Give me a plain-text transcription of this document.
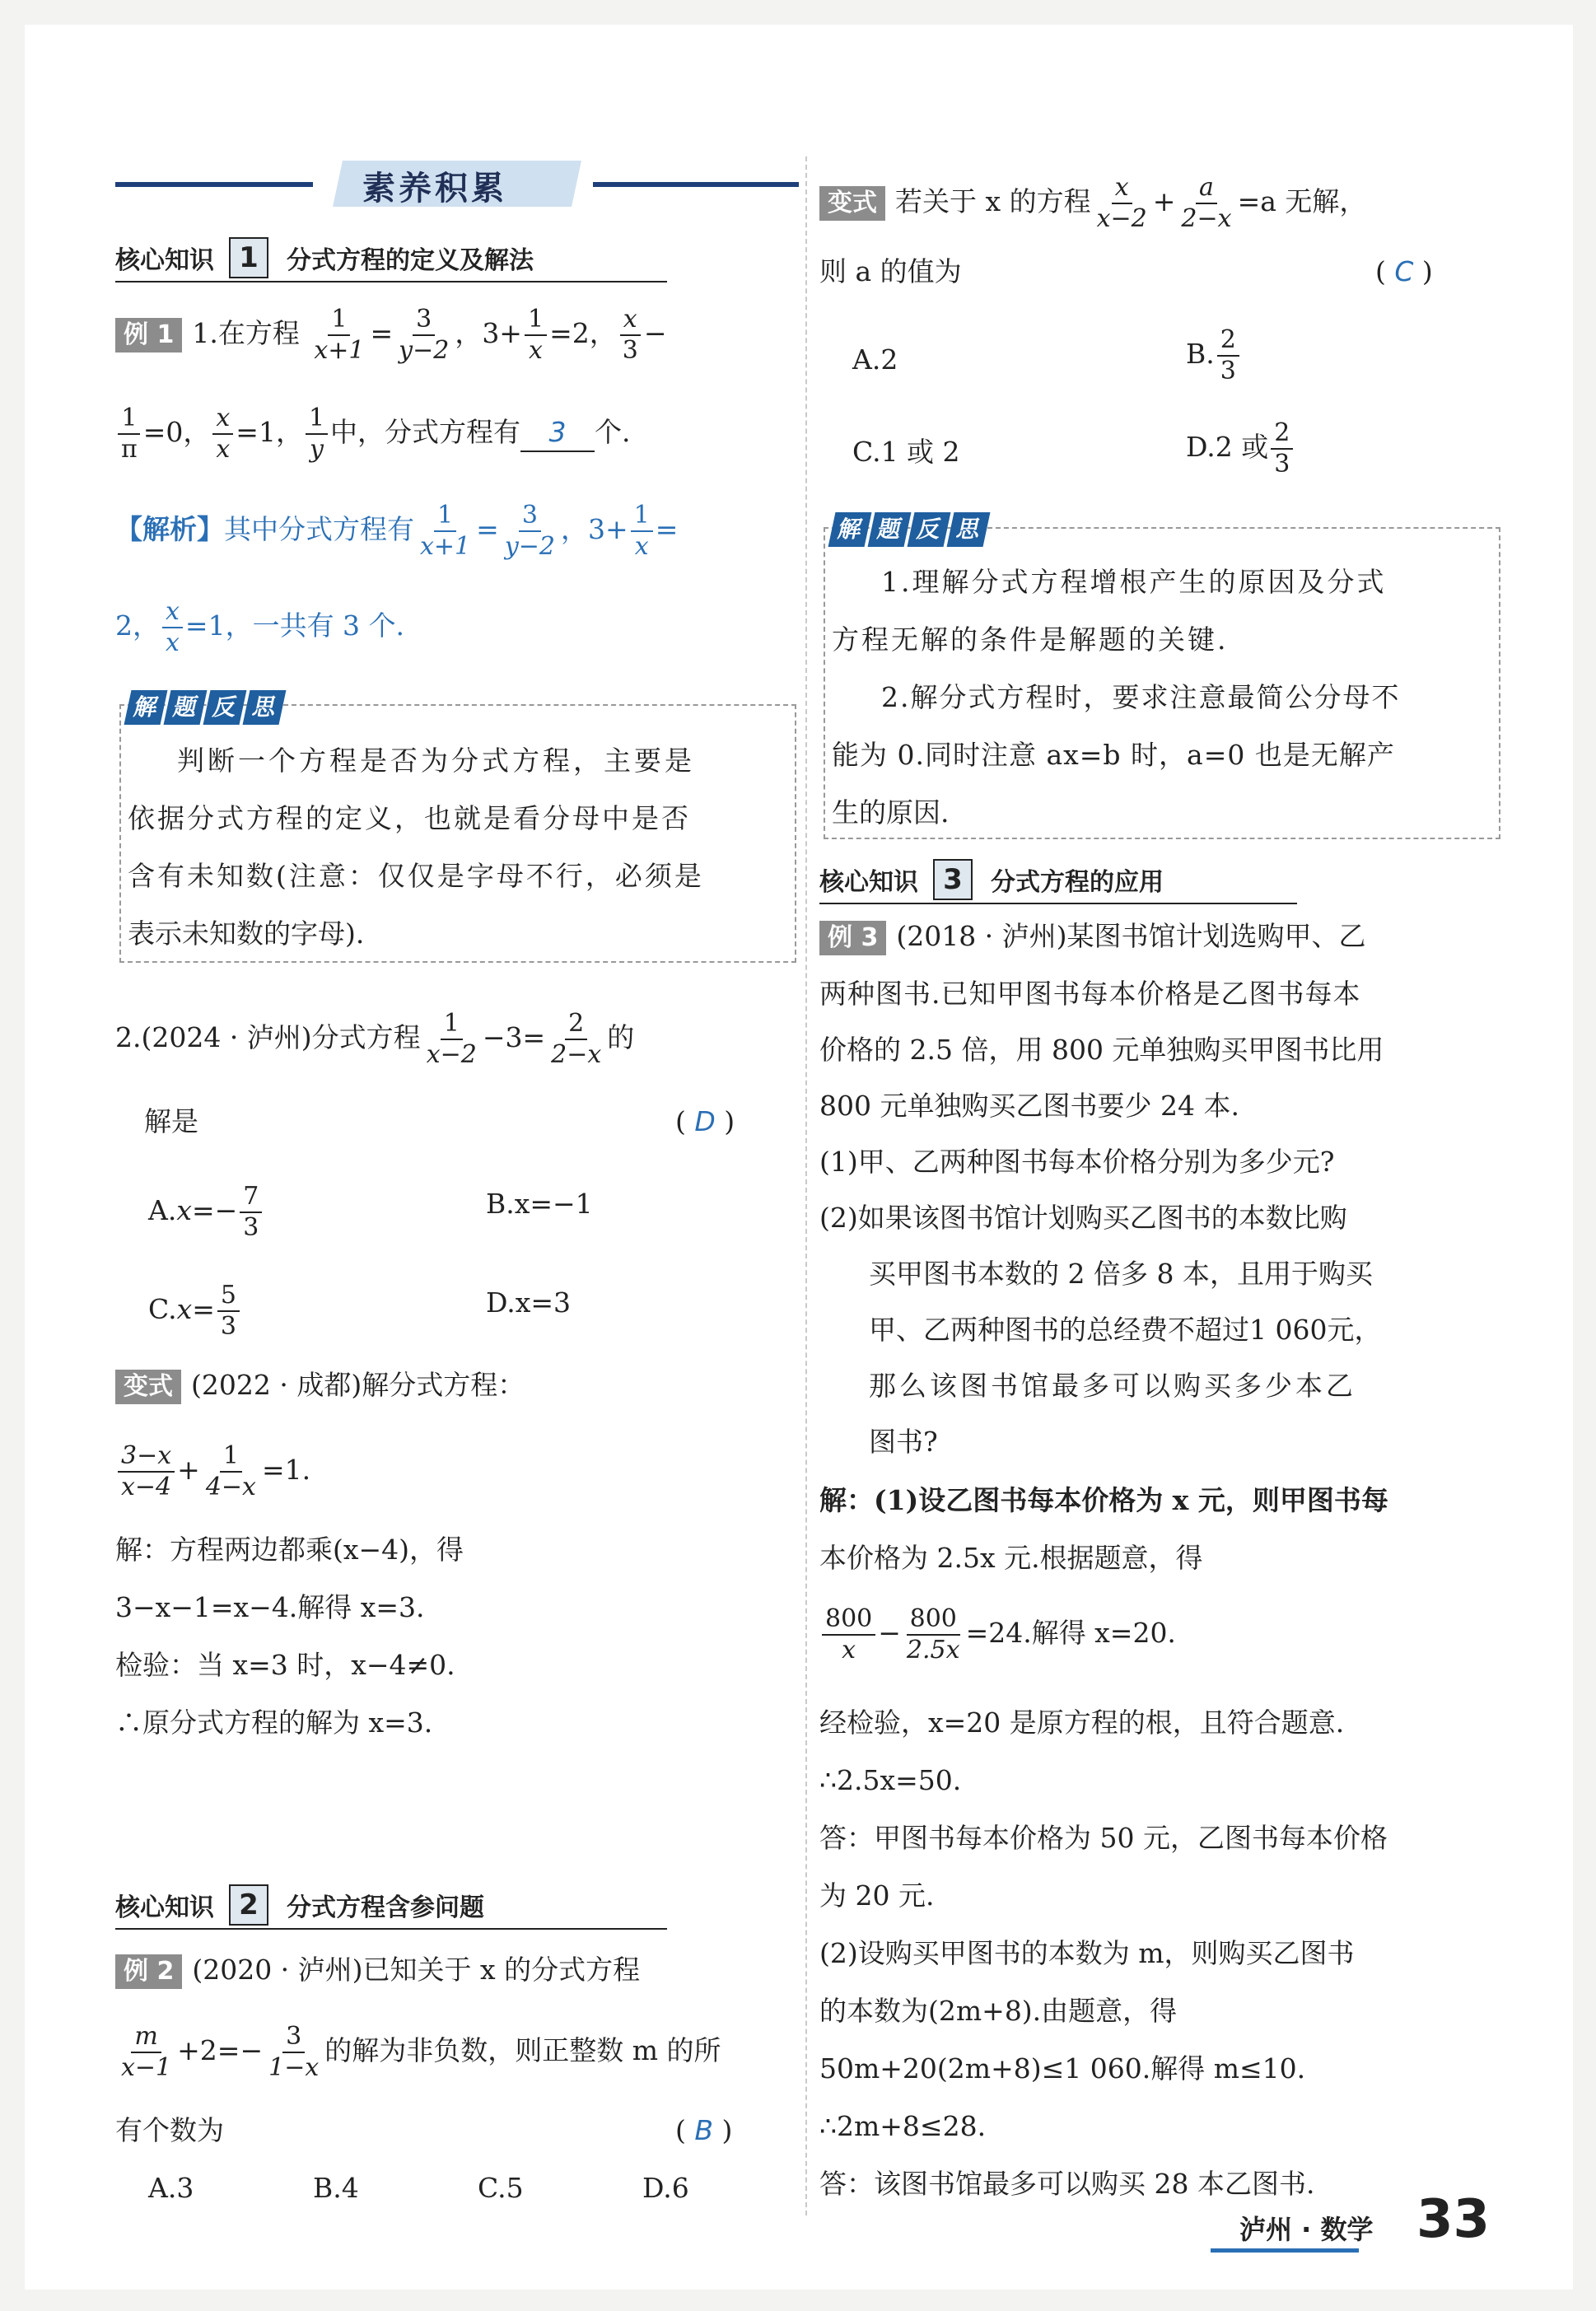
素养积累
核心知识 1	分式方程的定义及解法
例 1 1.在方程 $\frac{1}{x+1} = \frac{3}{y-2}$ ，$3+ \frac{1}{x} =2$， $\frac{x}{3}$ −
$\frac{1}{\pi} =0$， $\frac{x}{x} =1$， $\frac{1}{y}$ 中，分式方程有 3 个.
【解析】其中分式方程有 $\frac{1}{x+1} = \frac{3}{y-2}$ ，$3+ \frac{1}{x}$ =
2， $\frac{x}{x} =1$，一共有 3 个.
解 题 反 思
判断一个方程是否为分式方程，主要是
依据分式方程的定义，也就是看分母中是否
含有未知数(注意：仅仅是字母不行，必须是
表示未知数的字母).
2.(2024 · 泸州)分式方程 $\frac{1}{x-2} -3= \frac{2}{2-x}$ 的
解是	( D )
$A.x=- \frac{7}{3}$	B.x=−1
$C.x= \frac{5}{3}$	D.x=3
变式 (2022 · 成都)解分式方程：
$\frac{3-x}{x-4} + \frac{1}{4-x} =1$.
解：方程两边都乘(x−4)，得
3−x−1=x−4.解得 x=3.
检验：当 x=3 时，x−4≠0.
∴原分式方程的解为 x=3.
核心知识 2	分式方程含参问题
例 2 (2020 · 泸州)已知关于 x 的分式方程
$\frac{m}{x-1} +2=- \frac{3}{1-x}$ 的解为非负数，则正整数 m 的所
有个数为	( B )
A.3	B.4	C.5	D.6
变式 若关于 x 的方程 $\frac{x}{x-2} + \frac{a}{2-x} =a$ 无解，
则 a 的值为	( C )
A.2	B. $\frac{2}{3}$
C.1 或 2	D.2 或 $\frac{2}{3}$
解 题 反 思
1.理解分式方程增根产生的原因及分式
方程无解的条件是解题的关键.
2.解分式方程时，要求注意最简公分母不
能为 0.同时注意 ax=b 时，a=0 也是无解产
生的原因.
核心知识 3	分式方程的应用
例 3 (2018 · 泸州)某图书馆计划选购甲、乙
两种图书.已知甲图书每本价格是乙图书每本
价格的 2.5 倍，用 800 元单独购买甲图书比用
800 元单独购买乙图书要少 24 本.
(1)甲、乙两种图书每本价格分别为多少元?
(2)如果该图书馆计划购买乙图书的本数比购
买甲图书本数的 2 倍多 8 本，且用于购买
甲、乙两种图书的总经费不超过1 060元，
那么该图书馆最多可以购买多少本乙
图书?
解：(1)设乙图书每本价格为 x 元，则甲图书每
本价格为 2.5x 元.根据题意，得
$\frac{800}{x} - \frac{800}{2.5x} =24$.解得 x=20.
经检验，x=20 是原方程的根，且符合题意.
∴2.5x=50.
答：甲图书每本价格为 50 元，乙图书每本价格
为 20 元.
(2)设购买甲图书的本数为 m，则购买乙图书
的本数为(2m+8).由题意，得
50m+20(2m+8)≤1 060.解得 m≤10.
∴2m+8≤28.
答：该图书馆最多可以购买 28 本乙图书.
泸州 · 数学 33
